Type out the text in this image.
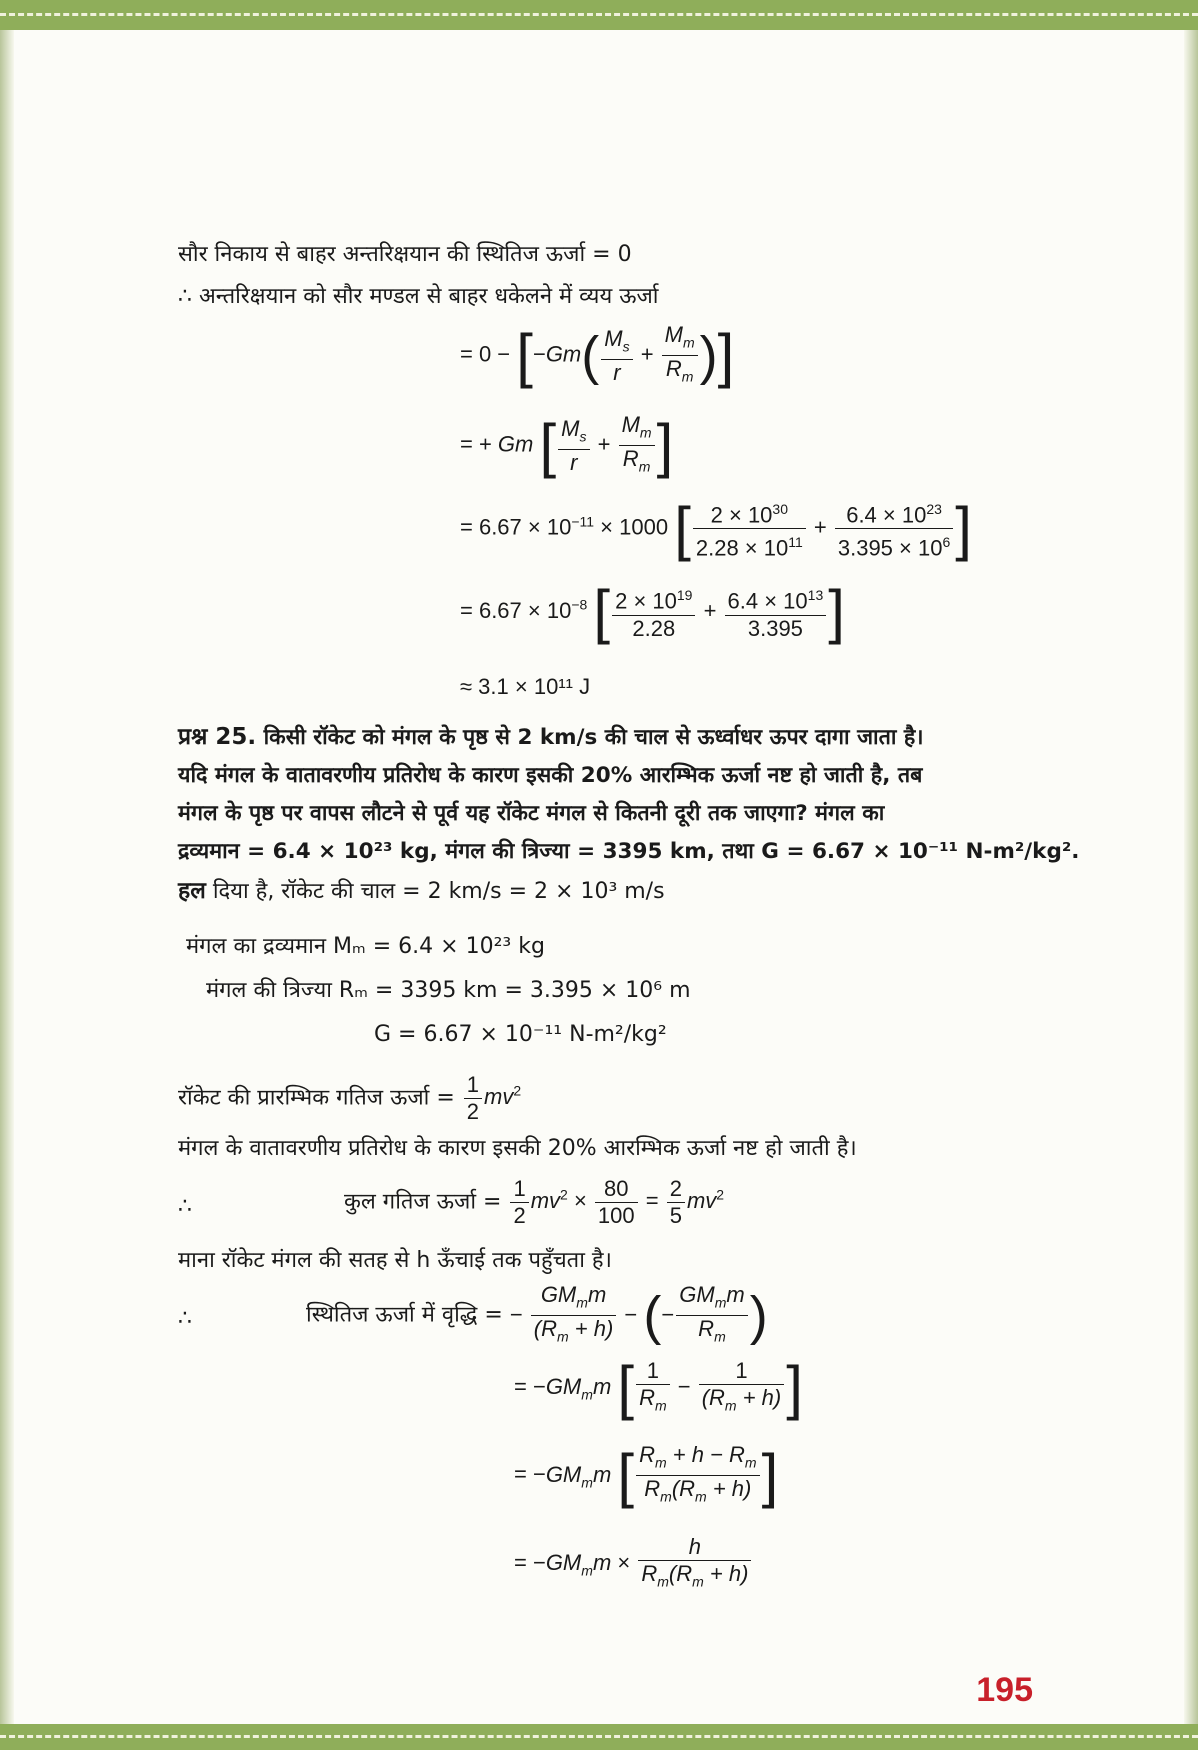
सौर निकाय से बाहर अन्तरिक्षयान की स्थितिज ऊर्जा = 0
∴ अन्तरिक्षयान को सौर मण्डल से बाहर धकेलने में व्यय ऊर्जा
= $0 - [-Gm( \frac{M_s}{r} + \frac{M_m}{R_m}$ )]
= + Gm [ $\frac{M_s}{r} + \frac{M_m}{R_m}$ ]
= $6.67 \times 10^{-11} \times 1000$ [ $\frac{2 \times 10^{30}}{2.28 \times 10^{11}} + \frac{6.4 \times 10^{23}}{3.395 \times 10^6}$ ]
= $6.67 \times 10^{-8}$ [ $\frac{2 \times 10^{19}}{2.28} + \frac{6.4 \times 10^{13}}{3.395}$ ]
≈ 3.1 × 10¹¹ J
प्रश्न 25. किसी रॉकेट को मंगल के पृष्ठ से 2 km/s की चाल से ऊर्ध्वाधर ऊपर दागा जाता है।
यदि मंगल के वातावरणीय प्रतिरोध के कारण इसकी 20% आरम्भिक ऊर्जा नष्ट हो जाती है, तब
मंगल के पृष्ठ पर वापस लौटने से पूर्व यह रॉकेट मंगल से कितनी दूरी तक जाएगा? मंगल का
द्रव्यमान = 6.4 × 10²³ kg, मंगल की त्रिज्या = 3395 km, तथा G = 6.67 × 10⁻¹¹ N-m²/kg².
हल दिया है, रॉकेट की चाल = 2 km/s = 2 × 10³ m/s
मंगल का द्रव्यमान Mₘ = 6.4 × 10²³ kg
मंगल की त्रिज्या Rₘ = 3395 km = 3.395 × 10⁶ m
G = 6.67 × 10⁻¹¹ N-m²/kg²
रॉकेट की प्रारम्भिक गतिज ऊर्जा = $\frac{1}{2} mv^2$
मंगल के वातावरणीय प्रतिरोध के कारण इसकी 20% आरम्भिक ऊर्जा नष्ट हो जाती है।
∴	कुल गतिज ऊर्जा = $\frac{1}{2} mv^2 \times \frac{80}{100} = \frac{2}{5} mv^2$
माना रॉकेट मंगल की सतह से h ऊँचाई तक पहुँचता है।
∴	स्थितिज ऊर्जा में वृद्धि = − $\frac{GM_mm}{(R_m + h)}$ − (− $\frac{GM_mm}{R_m}$ )
= $-GM_mm$ [ $\frac{1}{R_m} - \frac{1}{(R_m + h)}$ ]
= $-GM_mm$ [ $\frac{R_m + h - R_m}{R_m(R_m + h)}$ ]
= $-GM_mm \times \frac{h}{R_m(R_m + h)}$
195
